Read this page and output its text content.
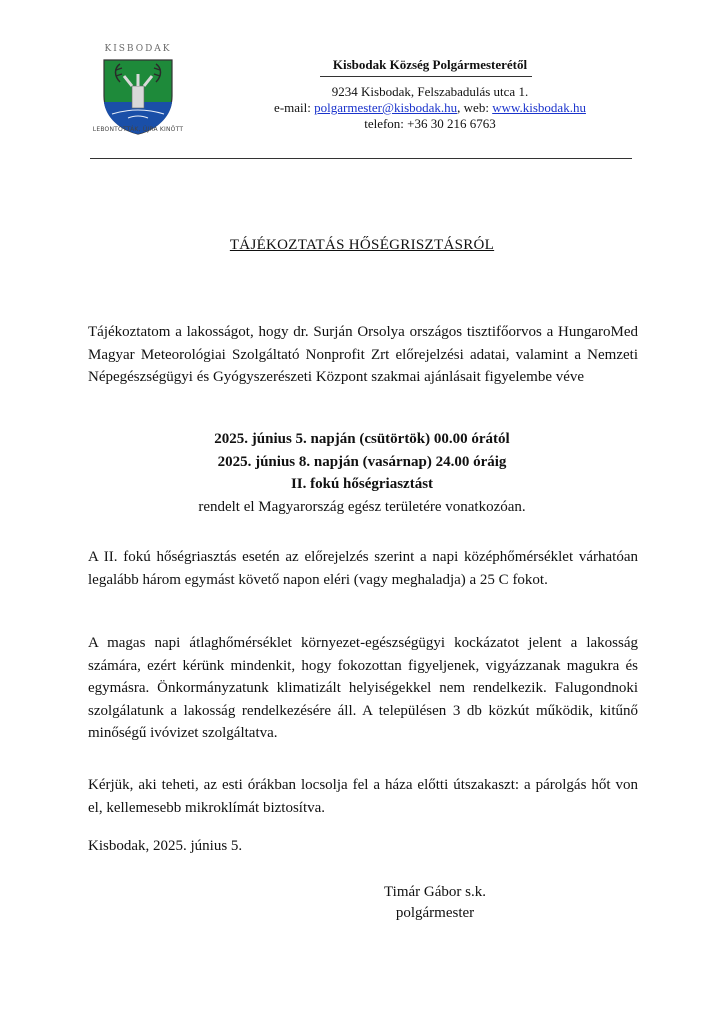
KISBODAK
LEBONTOTTÁK, ÚJRA KINŐTT
Kisbodak Község Polgármesterétől
9234 Kisbodak, Felszabadulás utca 1.
e-mail: polgarmester@kisbodak.hu, web: www.kisbodak.hu
telefon: +36 30 216 6763
TÁJÉKOZTATÁS HŐSÉGRISZTÁSRÓL

Tájékoztatom a lakosságot, hogy dr. Surján Orsolya országos tisztifőorvos a HungaroMed Magyar Meteorológiai Szolgáltató Nonprofit Zrt előrejelzési adatai, valamint a Nemzeti Népegészségügyi és Gyógyszerészeti Központ szakmai ajánlásait figyelembe véve

2025. június 5. napján (csütörtök) 00.00 órától
2025. június 8. napján (vasárnap) 24.00 óráig
II. fokú hőségriasztást
rendelt el Magyarország egész területére vonatkozóan.

A II. fokú hőségriasztás esetén az előrejelzés szerint a napi középhőmérséklet várhatóan legalább három egymást követő napon eléri (vagy meghaladja) a 25 C fokot.

A magas napi átlaghőmérséklet környezet-egészségügyi kockázatot jelent a lakosság számára, ezért kérünk mindenkit, hogy fokozottan figyeljenek, vigyázzanak magukra és egymásra. Önkormányzatunk klimatizált helyiségekkel nem rendelkezik. Falugondnoki szolgálatunk a lakosság rendelkezésére áll. A településen 3 db közkút működik, kitűnő minőségű ivóvizet szolgáltatva.

Kérjük, aki teheti, az esti órákban locsolja fel a háza előtti útszakaszt: a párolgás hőt von el, kellemesebb mikroklímát biztosítva.

Kisbodak, 2025. június 5.
Timár Gábor s.k.
polgármester
